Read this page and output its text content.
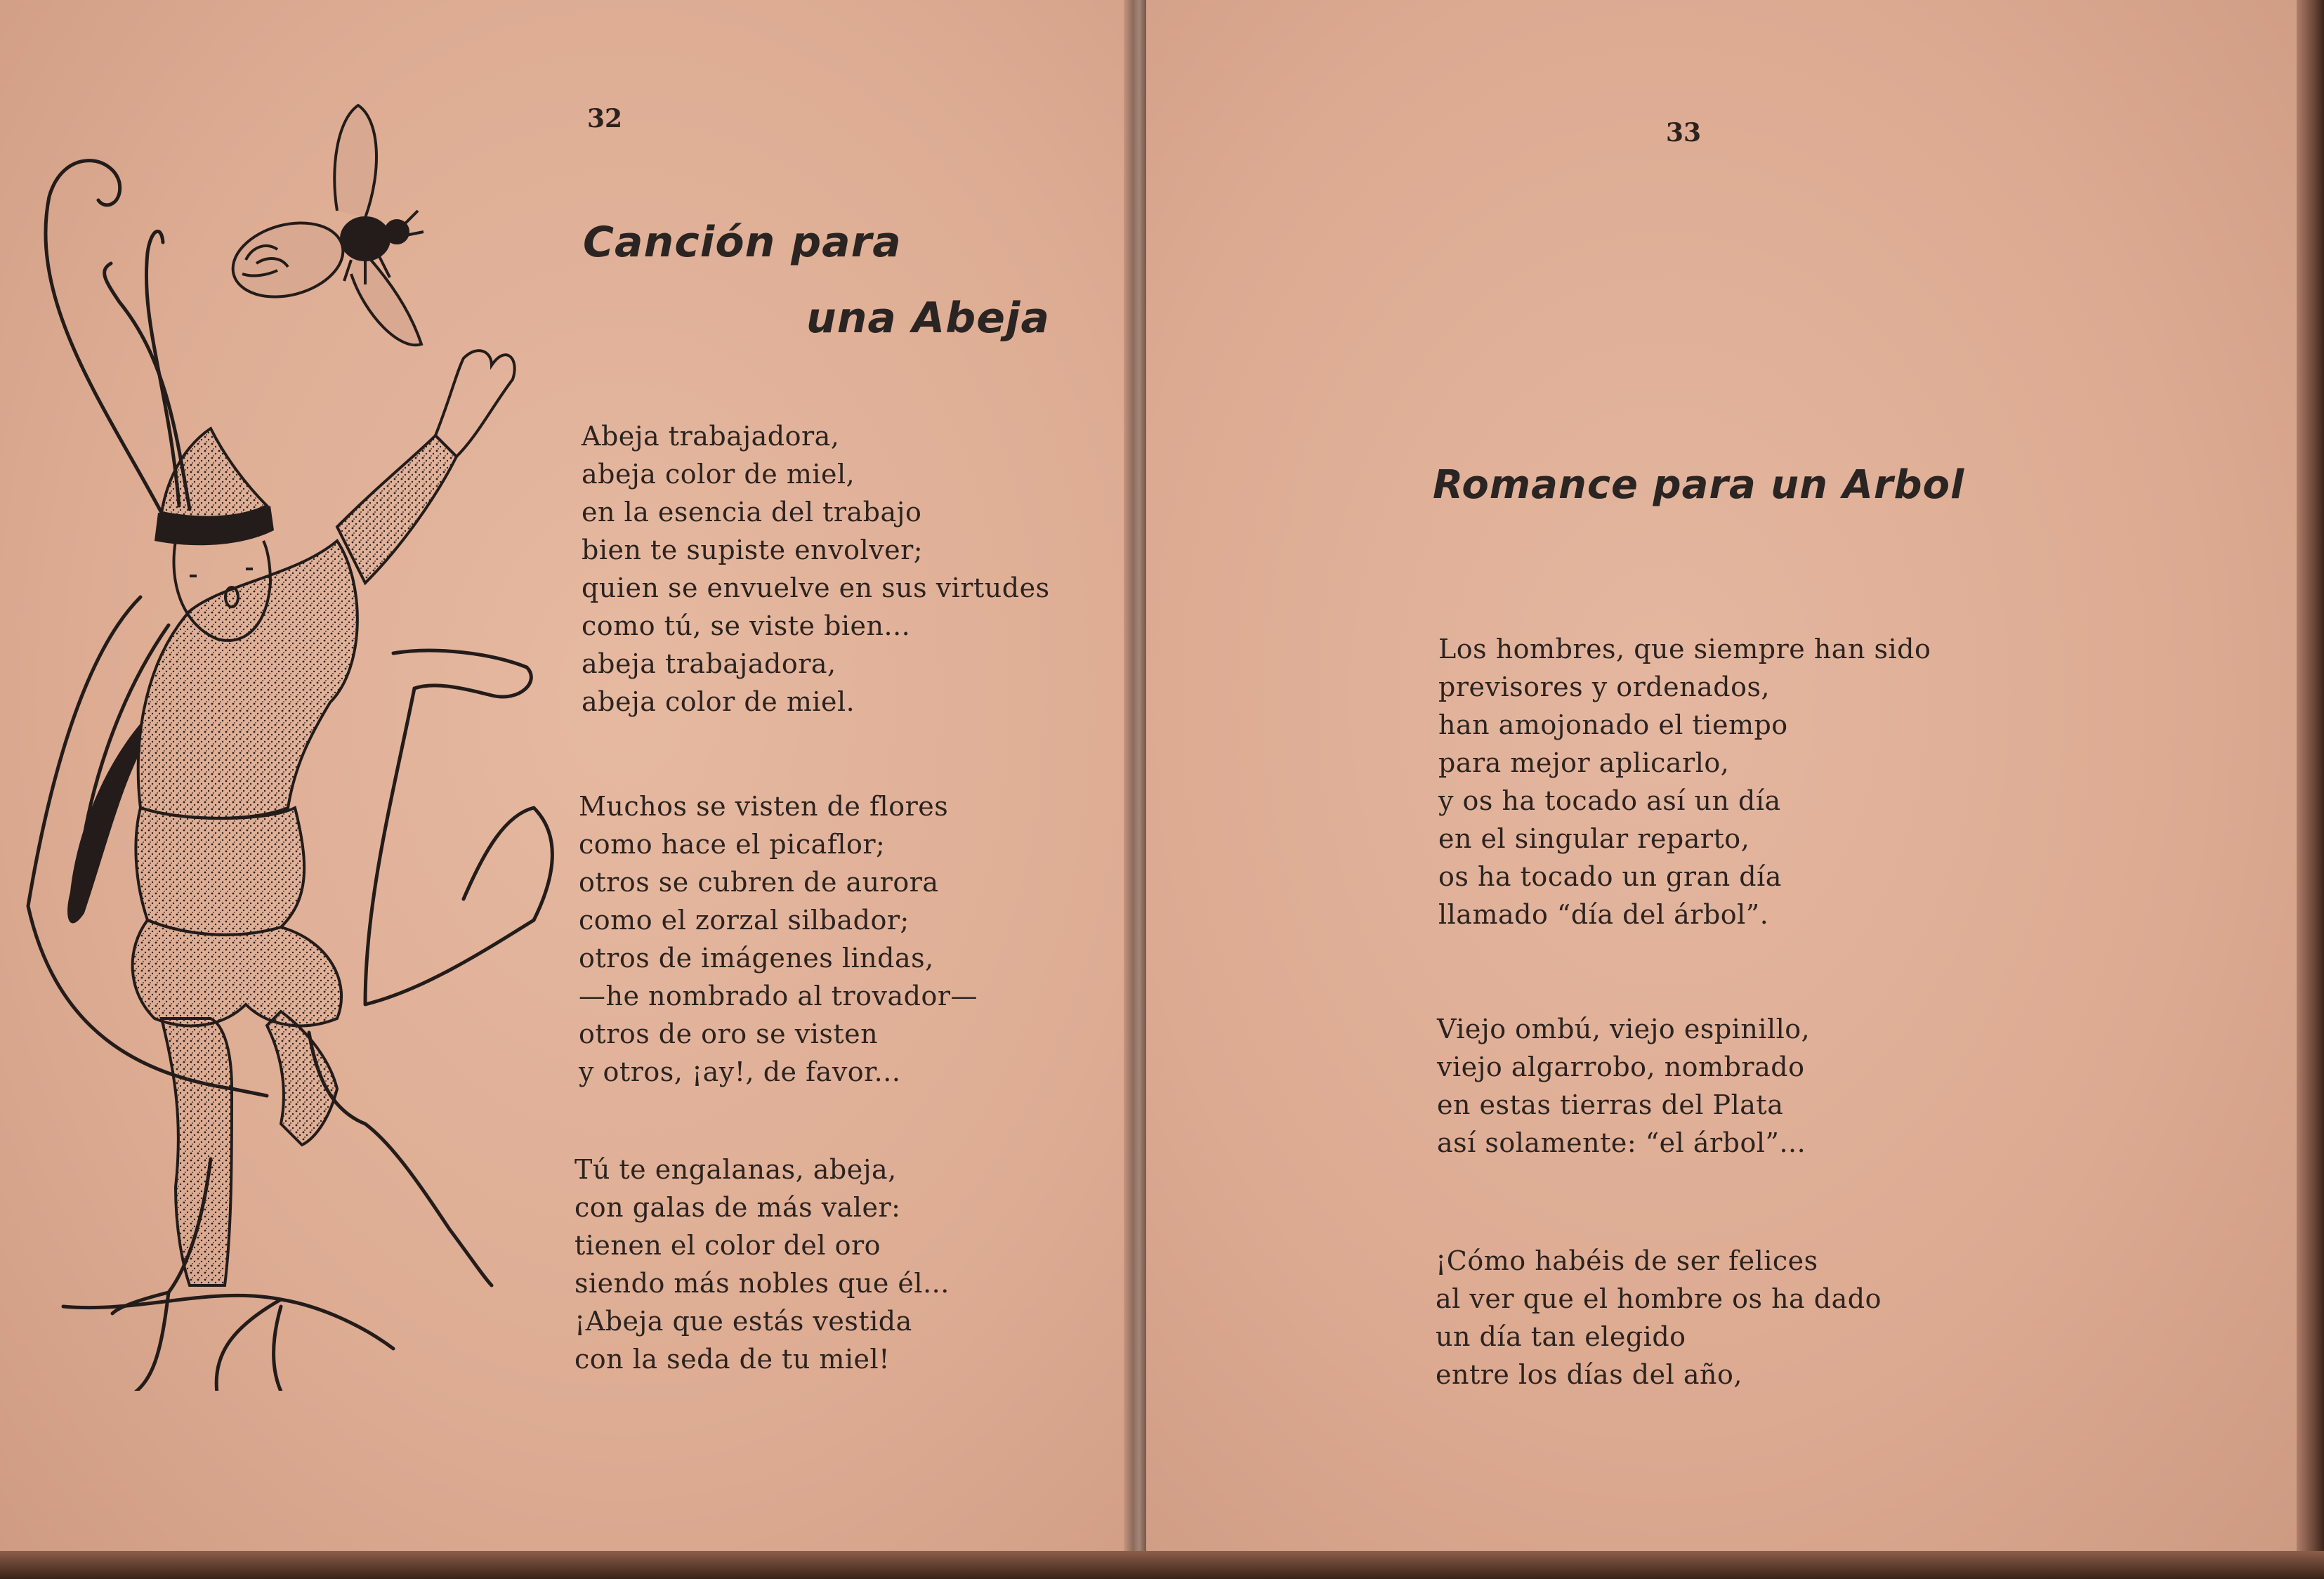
32
Canción para
una Abeja
Abeja trabajadora,
abeja color de miel,
en la esencia del trabajo
bien te supiste envolver;
quien se envuelve en sus virtudes
como tú, se viste bien...
abeja trabajadora,
abeja color de miel.
Muchos se visten de flores
como hace el picaflor;
otros se cubren de aurora
como el zorzal silbador;
otros de imágenes lindas,
—he nombrado al trovador—
otros de oro se visten
y otros, ¡ay!, de favor...
Tú te engalanas, abeja,
con galas de más valer:
tienen el color del oro
siendo más nobles que él...
¡Abeja que estás vestida
con la seda de tu miel!
33
Romance para un Arbol
Los hombres, que siempre han sido
previsores y ordenados,
han amojonado el tiempo
para mejor aplicarlo,
y os ha tocado así un día
en el singular reparto,
os ha tocado un gran día
llamado “día del árbol”.
Viejo ombú, viejo espinillo,
viejo algarrobo, nombrado
en estas tierras del Plata
así solamente: “el árbol”...
¡Cómo habéis de ser felices
al ver que el hombre os ha dado
un día tan elegido
entre los días del año,
